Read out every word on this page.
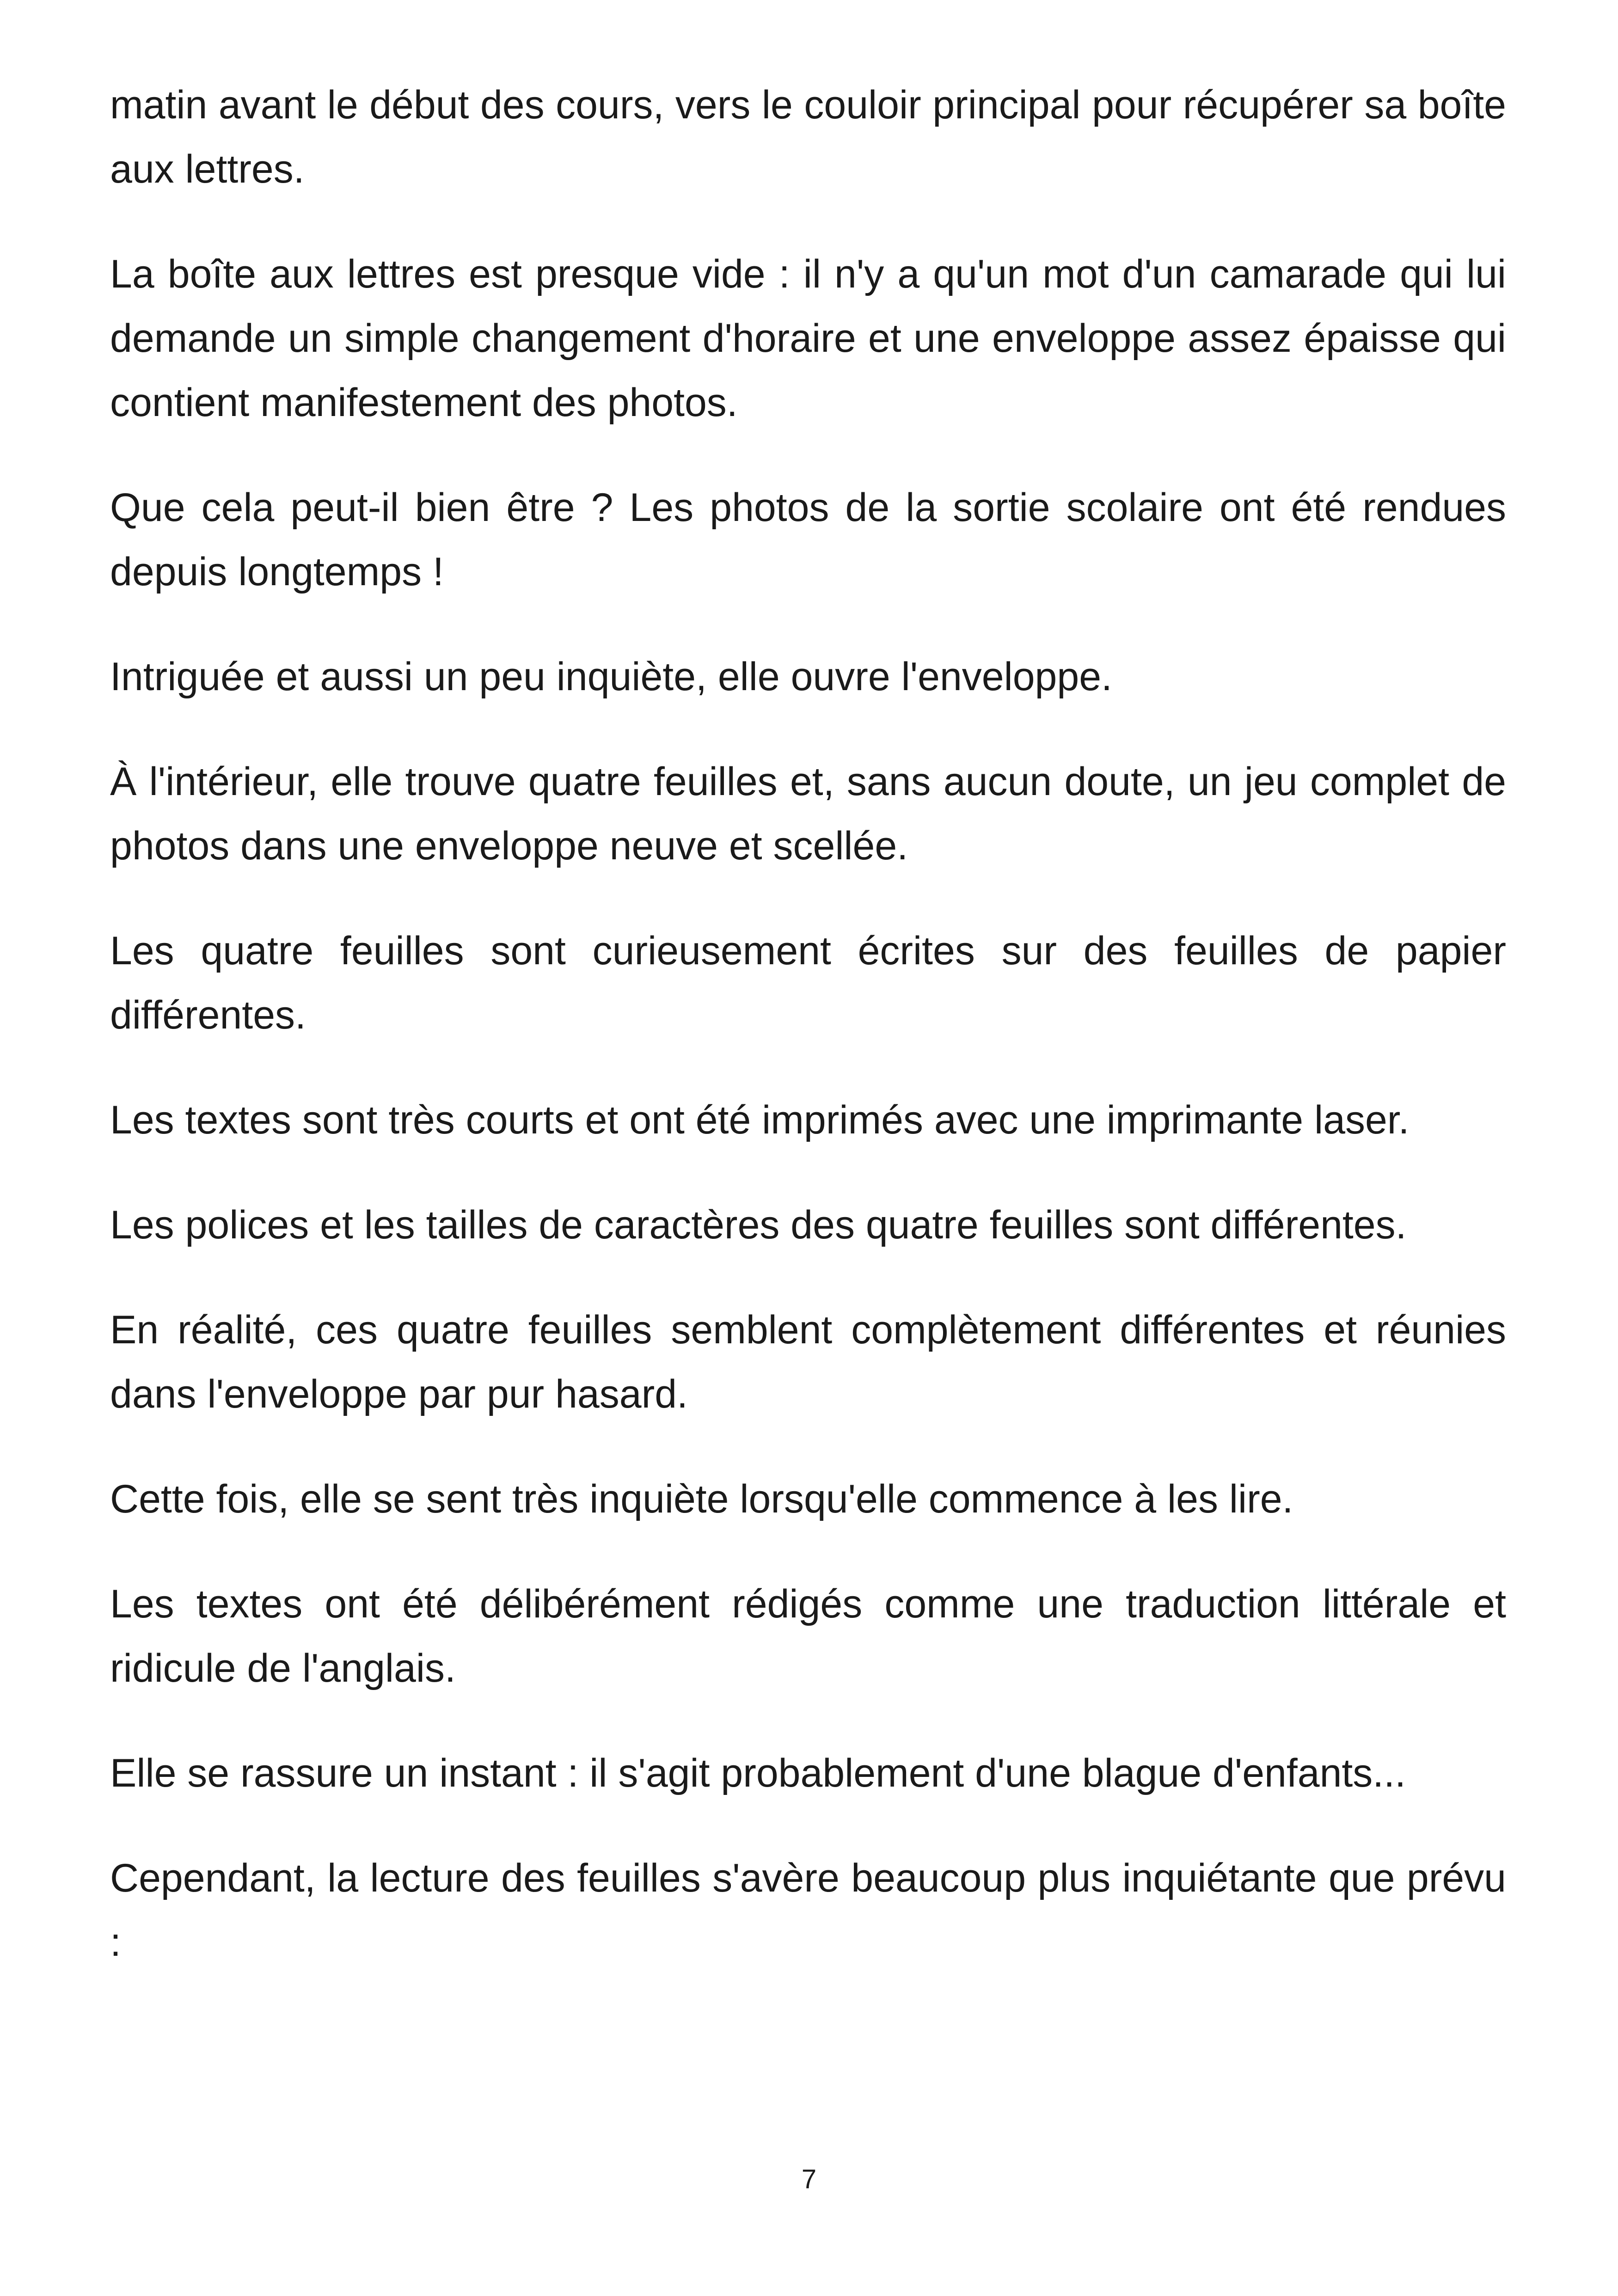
matin avant le début des cours, vers le couloir principal pour récupérer sa boîte aux lettres.

La boîte aux lettres est presque vide : il n'y a qu'un mot d'un camarade qui lui demande un simple changement d'horaire et une enveloppe assez épaisse qui contient manifestement des photos.

Que cela peut-il bien être ? Les photos de la sortie scolaire ont été rendues depuis longtemps !

Intriguée et aussi un peu inquiète, elle ouvre l'enveloppe.

À l'intérieur, elle trouve quatre feuilles et, sans aucun doute, un jeu complet de photos dans une enveloppe neuve et scellée.

Les quatre feuilles sont curieusement écrites sur des feuilles de papier différentes.

Les textes sont très courts et ont été imprimés avec une imprimante laser.

Les polices et les tailles de caractères des quatre feuilles sont différentes.

En réalité, ces quatre feuilles semblent complètement différentes et réunies dans l'enveloppe par pur hasard.

Cette fois, elle se sent très inquiète lorsqu'elle commence à les lire.

Les textes ont été délibérément rédigés comme une traduction littérale et ridicule de l'anglais.

Elle se rassure un instant : il s'agit probablement d'une blague d'enfants...

Cependant, la lecture des feuilles s'avère beaucoup plus inquiétante que prévu :

7
